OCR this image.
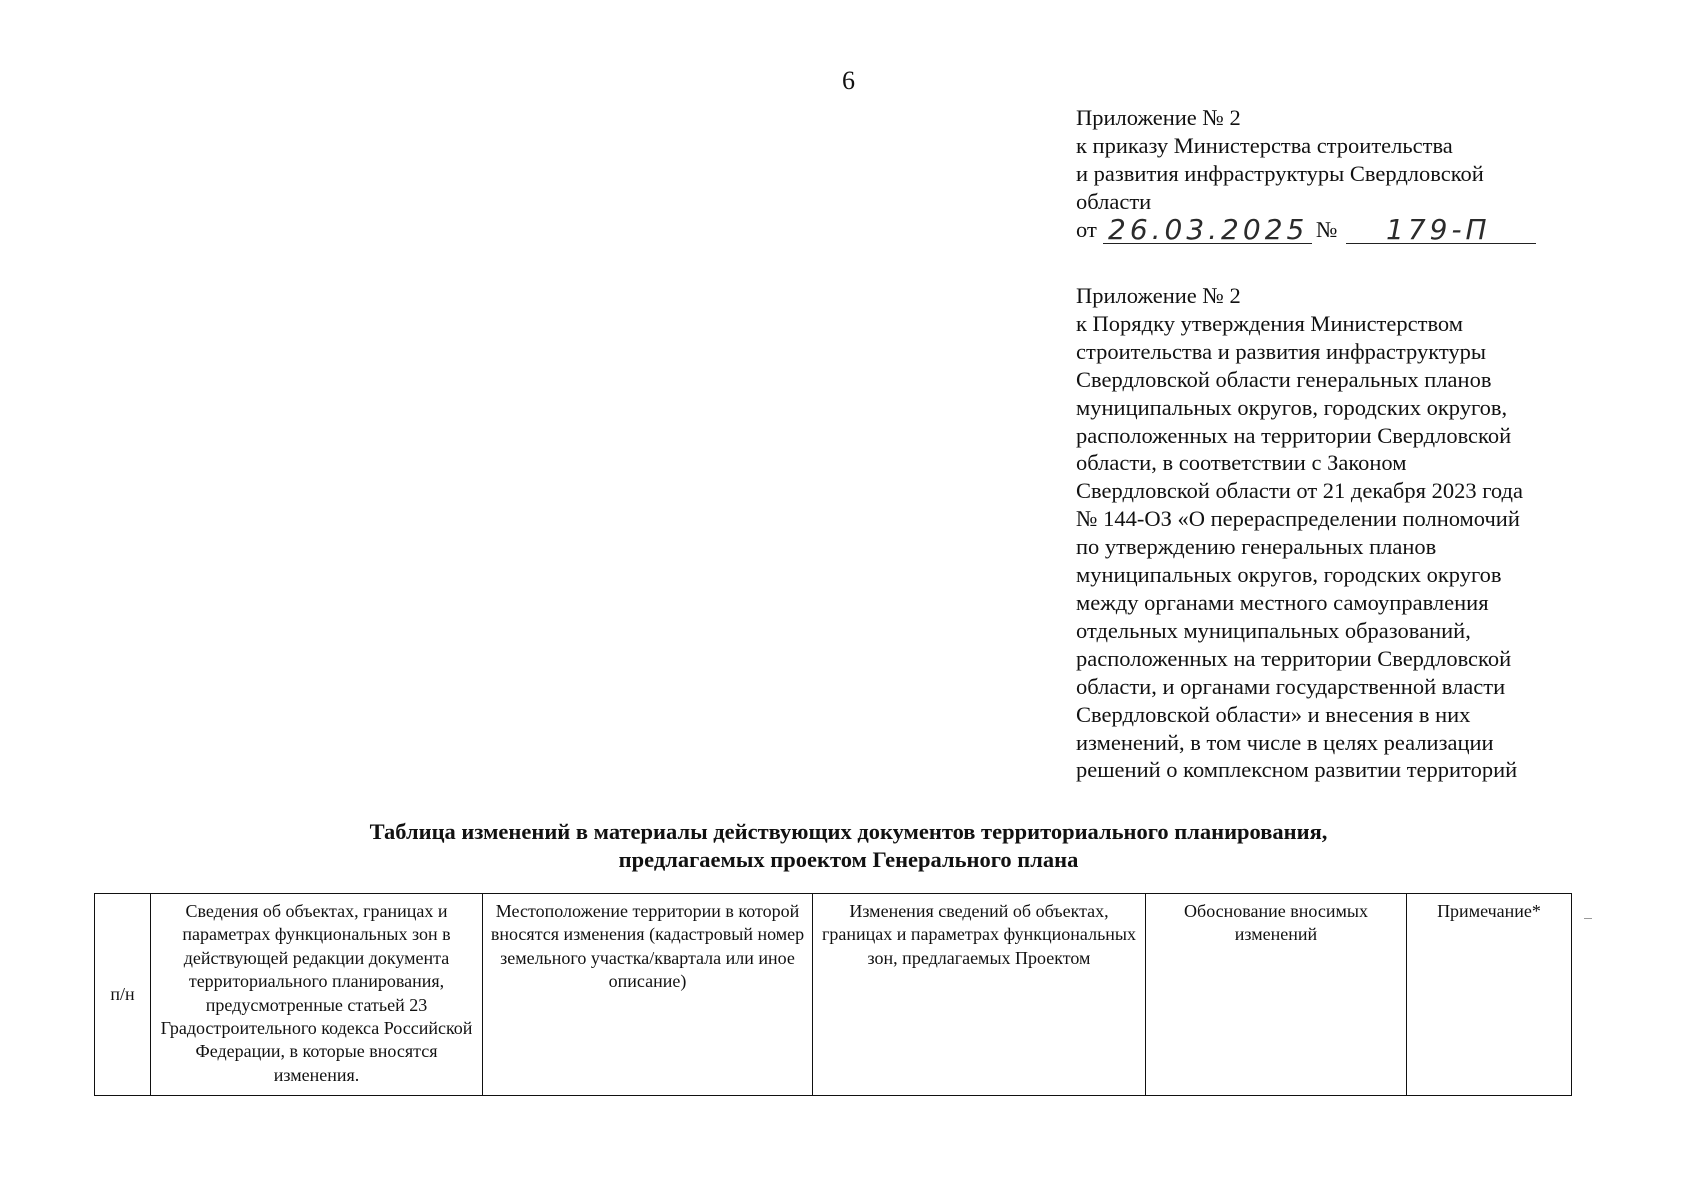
6
Приложение № 2
к приказу Министерства строительства
и развития инфраструктуры Свердловской
области
от 26.03.2025 № 179-П
Приложение № 2
к Порядку утверждения Министерством
строительства и развития инфраструктуры
Свердловской области генеральных планов
муниципальных округов, городских округов,
расположенных на территории Свердловской
области, в соответствии с Законом
Свердловской области от 21 декабря 2023 года
№ 144-ОЗ «О перераспределении полномочий
по утверждению генеральных планов
муниципальных округов, городских округов
между органами местного самоуправления
отдельных муниципальных образований,
расположенных на территории Свердловской
области, и органами государственной власти
Свердловской области» и внесения в них
изменений, в том числе в целях реализации
решений о комплексном развитии территорий
Таблица изменений в материалы действующих документов территориального планирования,
предлагаемых проектом Генерального плана
п/н	Сведения об объектах, границах и параметрах функциональных зон в действующей редакции документа территориального планирования, предусмотренные статьей 23 Градостроительного кодекса Российской Федерации, в которые вносятся изменения.	Местоположение территории в которой вносятся изменения (кадастровый номер земельного участка/квартала или иное описание)	Изменения сведений об объектах, границах и параметрах функциональных зон, предлагаемых Проектом	Обоснование вносимых изменений	Примечание*
